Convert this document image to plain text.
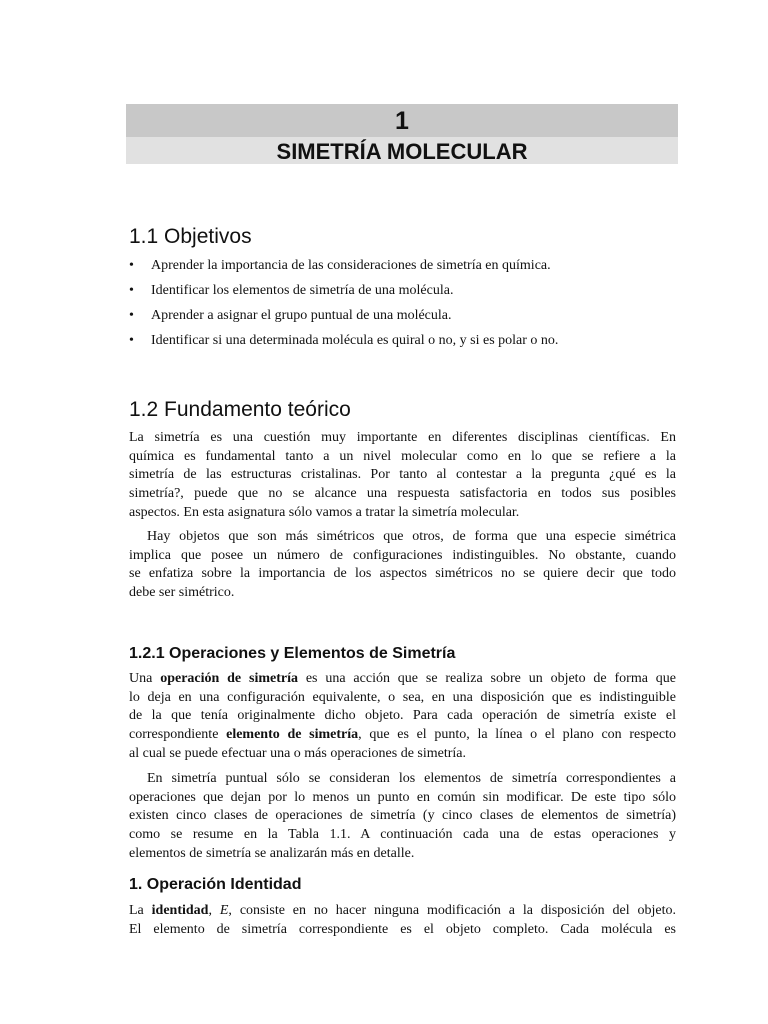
1
SIMETRÍA MOLECULAR
1.1 Objetivos
• Aprender la importancia de las consideraciones de simetría en química.
• Identificar los elementos de simetría de una molécula.
• Aprender a asignar el grupo puntual de una molécula.
• Identificar si una determinada molécula es quiral o no, y si es polar o no.
1.2 Fundamento teórico
La simetría es una cuestión muy importante en diferentes disciplinas científicas. En
química es fundamental tanto a un nivel molecular como en lo que se refiere a la
simetría de las estructuras cristalinas. Por tanto al contestar a la pregunta ¿qué es la
simetría?, puede que no se alcance una respuesta satisfactoria en todos sus posibles
aspectos. En esta asignatura sólo vamos a tratar la simetría molecular.
Hay objetos que son más simétricos que otros, de forma que una especie simétrica
implica que posee un número de configuraciones indistinguibles. No obstante, cuando
se enfatiza sobre la importancia de los aspectos simétricos no se quiere decir que todo
debe ser simétrico.
1.2.1 Operaciones y Elementos de Simetría
Una operación de simetría es una acción que se realiza sobre un objeto de forma que
lo deja en una configuración equivalente, o sea, en una disposición que es indistinguible
de la que tenía originalmente dicho objeto. Para cada operación de simetría existe el
correspondiente elemento de simetría, que es el punto, la línea o el plano con respecto
al cual se puede efectuar una o más operaciones de simetría.
En simetría puntual sólo se consideran los elementos de simetría correspondientes a
operaciones que dejan por lo menos un punto en común sin modificar. De este tipo sólo
existen cinco clases de operaciones de simetría (y cinco clases de elementos de simetría)
como se resume en la Tabla 1.1. A continuación cada una de estas operaciones y
elementos de simetría se analizarán más en detalle.
1. Operación Identidad
La identidad, E, consiste en no hacer ninguna modificación a la disposición del objeto.
El elemento de simetría correspondiente es el objeto completo. Cada molécula es
